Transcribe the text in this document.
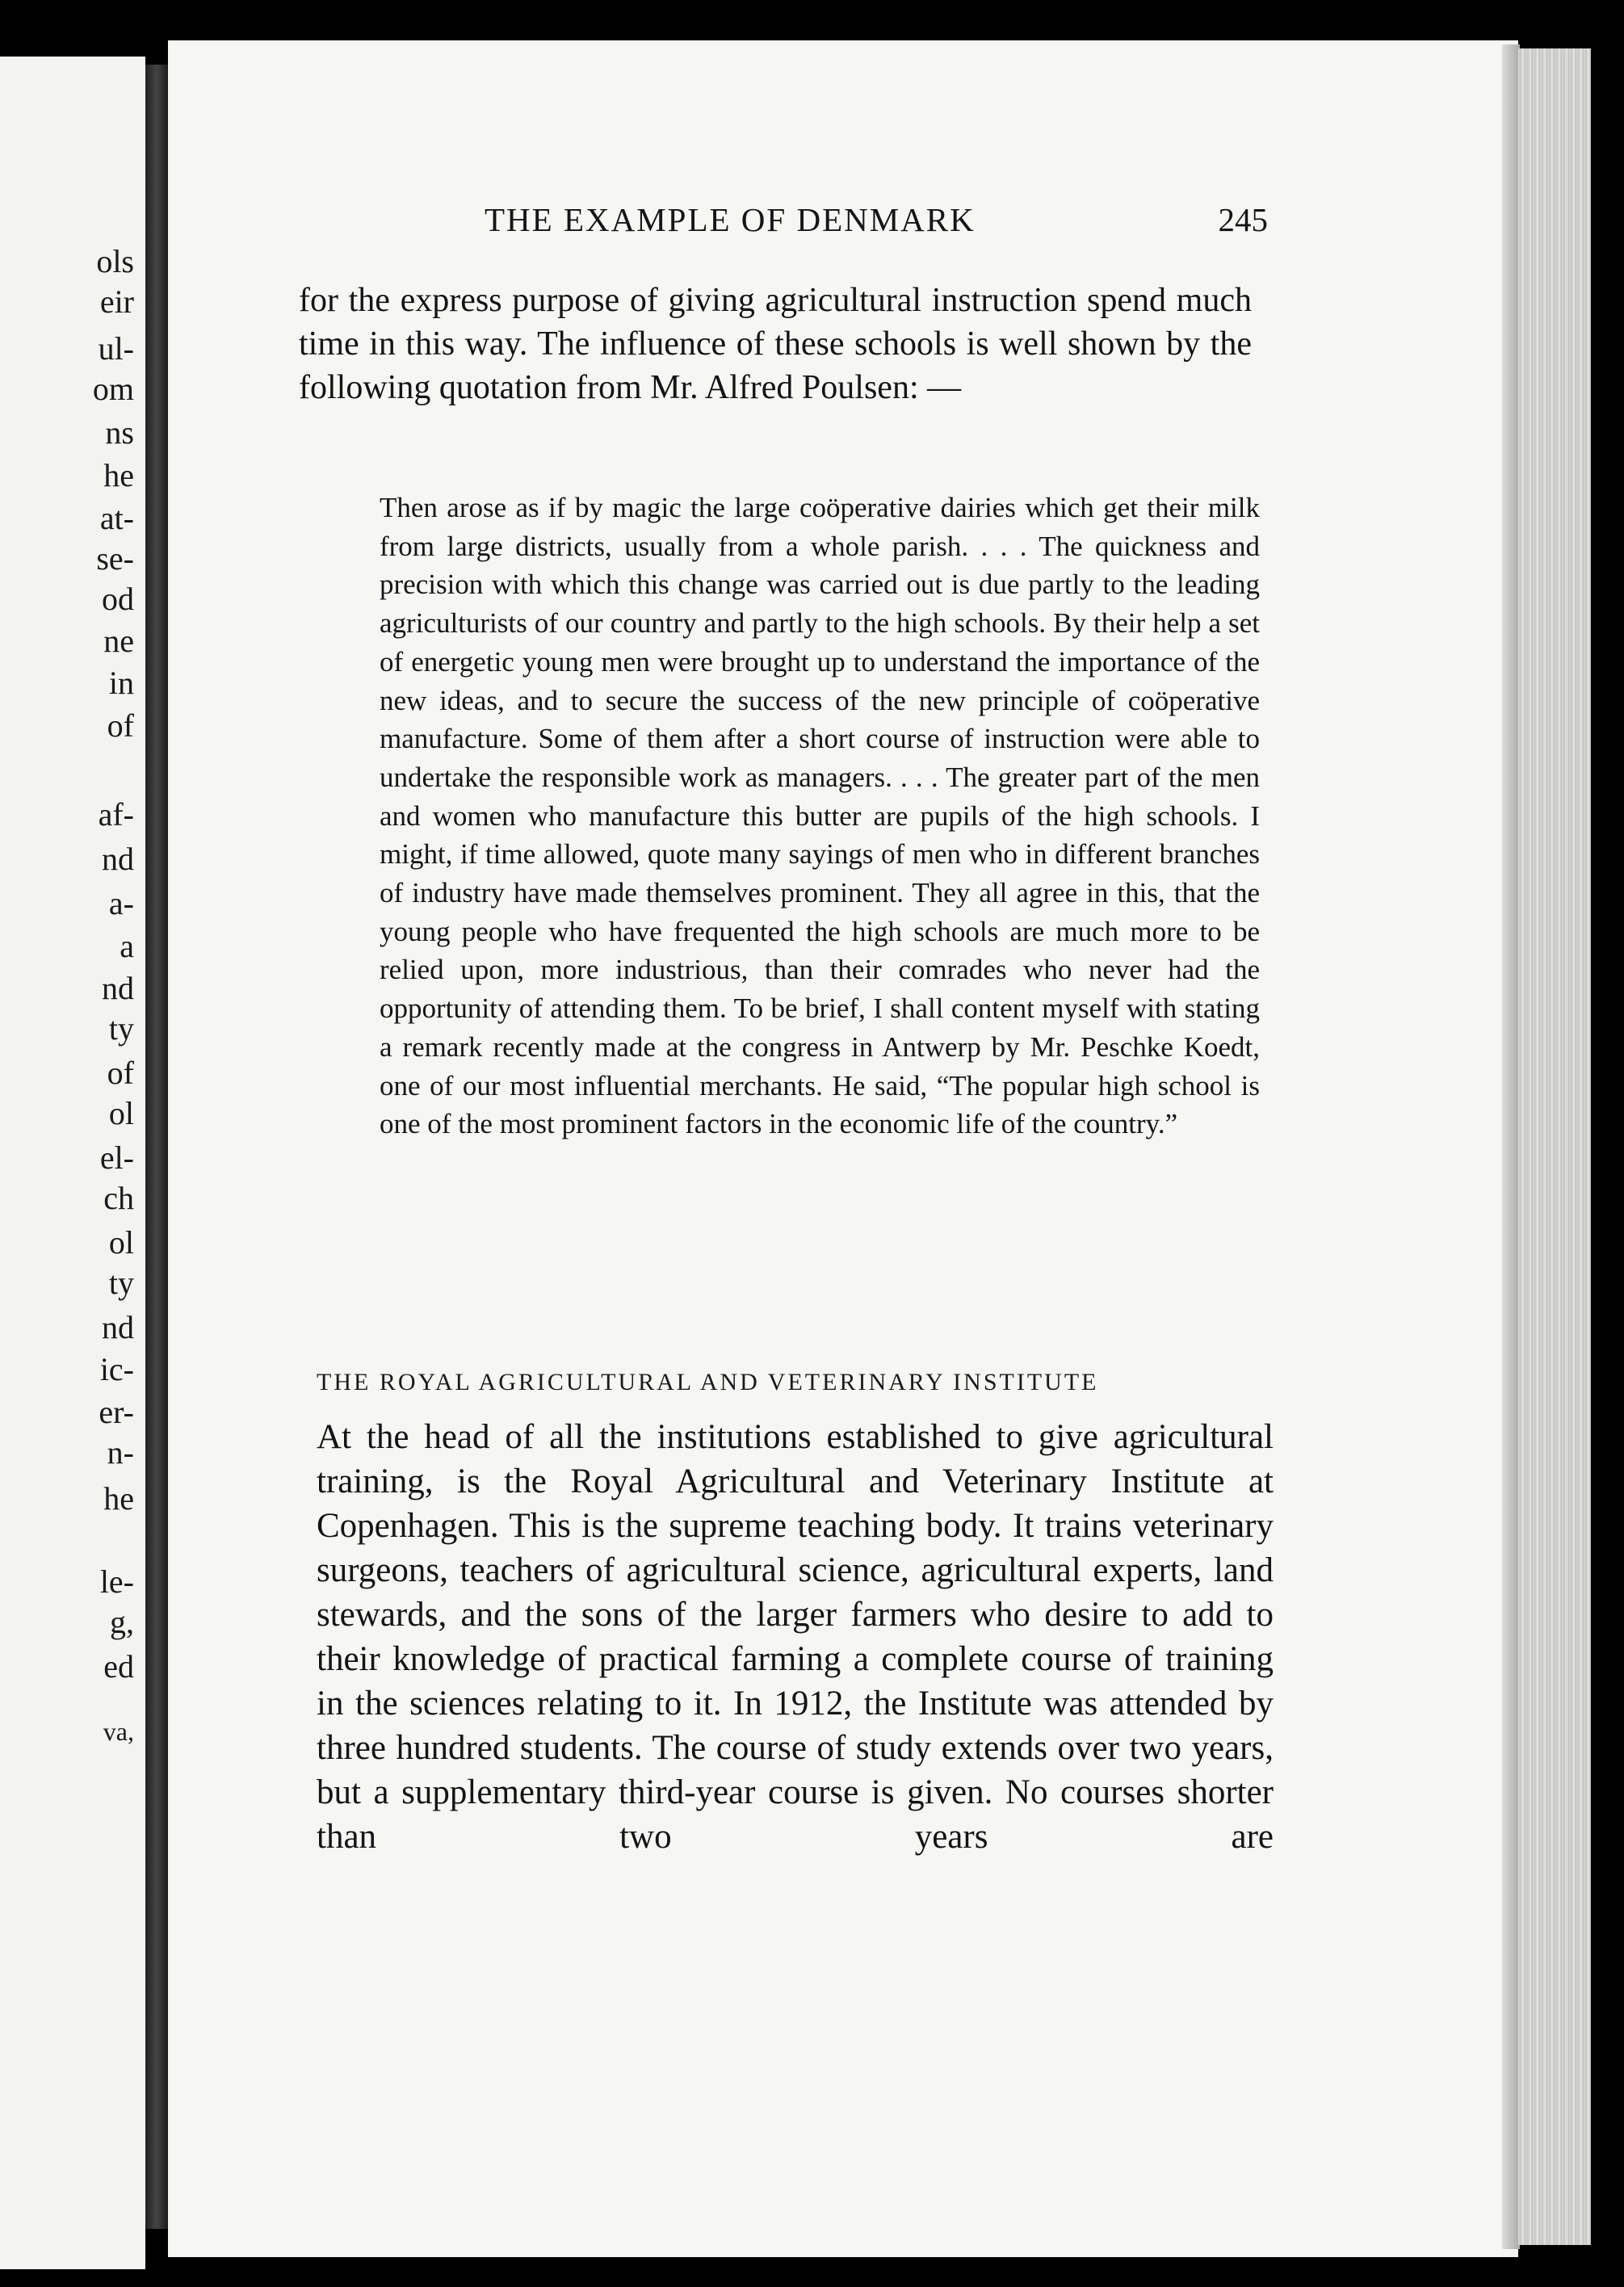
ols
eir
ul-
om
ns
he
at-
se-
od
ne
in
of
af-
nd
a-
a
nd
ty
of
ol
el-
ch
ol
ty
nd
ic-
er-
n-
he
le-
g,
ed
va,
THE EXAMPLE OF DENMARK	245
for the express purpose of giving agricultural instruction spend much time in this way. The influence of these schools is well shown by the following quotation from Mr. Alfred Poulsen: —
Then arose as if by magic the large coöperative dairies which get their milk from large districts, usually from a whole parish. . . . The quickness and precision with which this change was carried out is due partly to the leading agriculturists of our country and partly to the high schools. By their help a set of energetic young men were brought up to understand the importance of the new ideas, and to secure the success of the new principle of coöperative manufacture. Some of them after a short course of instruction were able to undertake the responsible work as managers. . . . The greater part of the men and women who manufacture this butter are pupils of the high schools. I might, if time allowed, quote many sayings of men who in different branches of industry have made themselves prominent. They all agree in this, that the young people who have frequented the high schools are much more to be relied upon, more industrious, than their comrades who never had the opportunity of attending them. To be brief, I shall content myself with stating a remark recently made at the congress in Antwerp by Mr. Peschke Koedt, one of our most influential merchants. He said, “The popular high school is one of the most prominent factors in the economic life of the country.”
THE ROYAL AGRICULTURAL AND VETERINARY INSTITUTE
At the head of all the institutions established to give agricultural training, is the Royal Agricultural and Veterinary Institute at Copenhagen. This is the supreme teaching body. It trains veterinary surgeons, teachers of agricultural science, agricultural experts, land stewards, and the sons of the larger farmers who desire to add to their knowledge of practical farming a complete course of training in the sciences relating to it. In 1912, the Institute was attended by three hundred students. The course of study extends over two years, but a supplementary third-year course is given. No courses shorter than two years are
